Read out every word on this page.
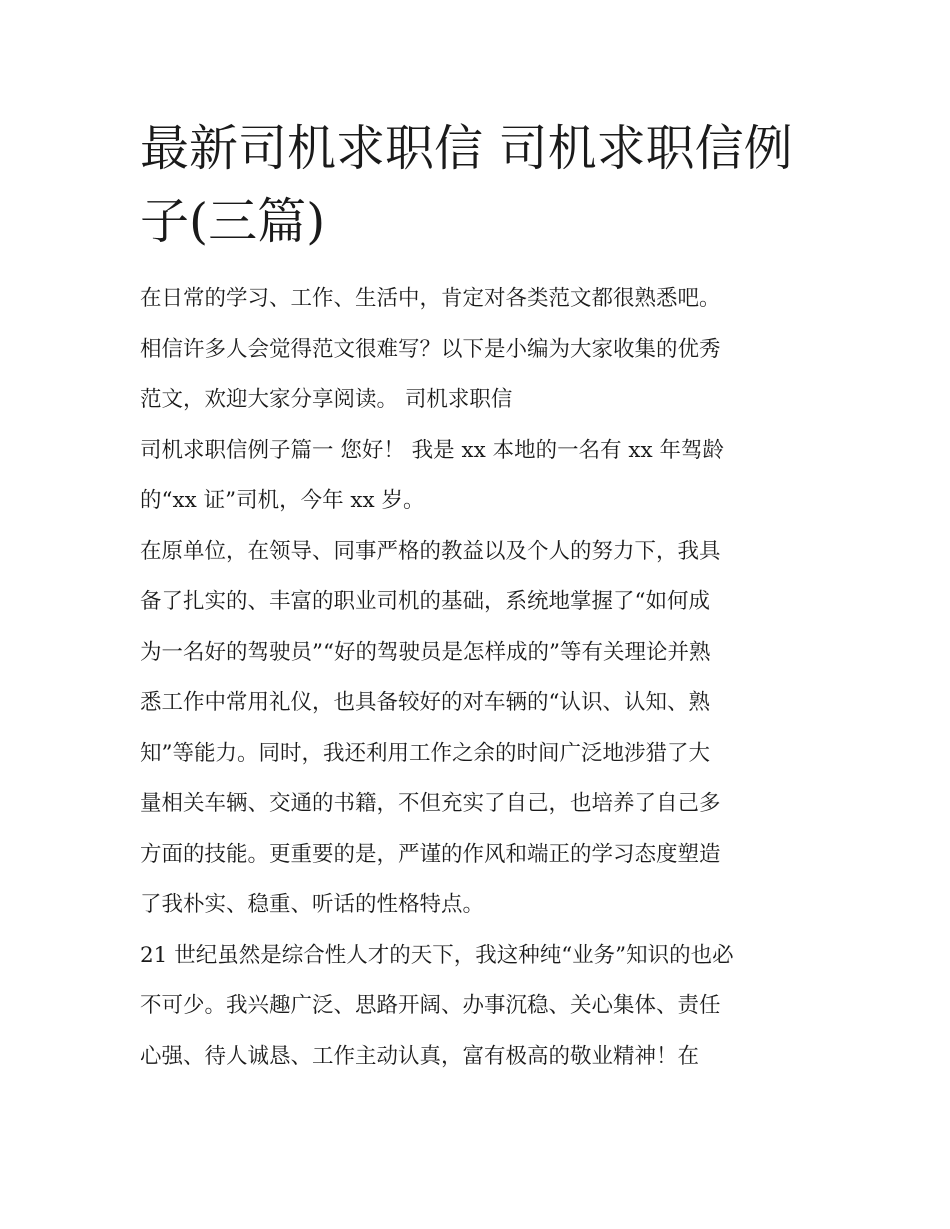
最新司机求职信 司机求职信例
子(三篇)
在日常的学习、工作、生活中，肯定对各类范文都很熟悉吧。
相信许多人会觉得范文很难写？以下是小编为大家收集的优秀
范文，欢迎大家分享阅读。 司机求职信
司机求职信例子篇一 您好！ 我是 xx 本地的一名有 xx 年驾龄
的“xx 证”司机，今年 xx 岁。
在原单位，在领导、同事严格的教益以及个人的努力下，我具
备了扎实的、丰富的职业司机的基础，系统地掌握了“如何成
为一名好的驾驶员”“好的驾驶员是怎样成的”等有关理论并熟
悉工作中常用礼仪，也具备较好的对车辆的“认识、认知、熟
知”等能力。同时，我还利用工作之余的时间广泛地涉猎了大
量相关车辆、交通的书籍，不但充实了自己，也培养了自己多
方面的技能。更重要的是，严谨的作风和端正的学习态度塑造
了我朴实、稳重、听话的性格特点。
21 世纪虽然是综合性人才的天下，我这种纯“业务”知识的也必
不可少。我兴趣广泛、思路开阔、办事沉稳、关心集体、责任
心强、待人诚恳、工作主动认真，富有极高的敬业精神！在
